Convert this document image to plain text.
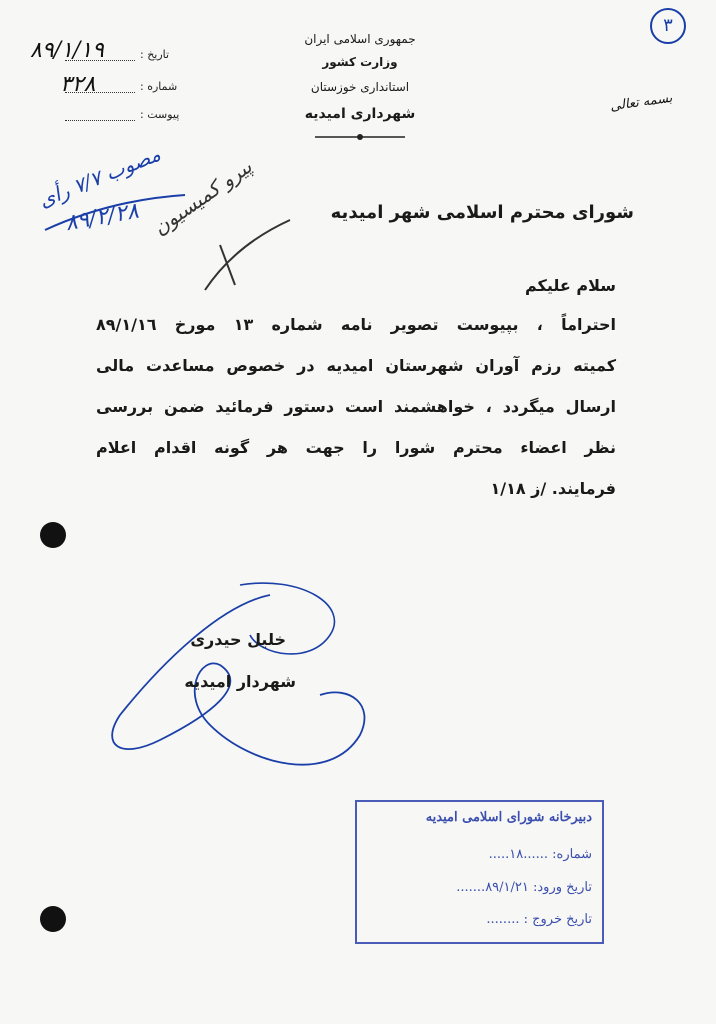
٣
جمهوری اسلامی ایران
وزارت کشور
استانداری خوزستان
شهرداری امیدیه	بسمه تعالی
تاریخ :
٨٩/١/١٩
شماره :
٣٢٨
پیوست :
مصوب ٧/٧ رأی
٨٩/٢/٢٨ پیرو کمیسیون	شورای محترم اسلامی شهر امیدیه
سلام علیکم
احتراماً ، بپیوست تصویر نامه شماره ١٣ مورخ ٨٩/١/١٦
کمیته رزم آوران شهرستان امیدیه در خصوص مساعدت مالی
ارسال میگردد ، خواهشمند است دستور فرمائید ضمن بررسی
نظر اعضاء محترم شورا را جهت هر گونه اقدام اعلام
فرمایند. /ز ١/١٨
خلیل حیدری
شهردار امیدیه
دبیرخانه شورای اسلامی امیدیه
شماره: ......١٨.....
تاریخ ورود: ٨٩/١/٢١.......
تاریخ خروج : ........
